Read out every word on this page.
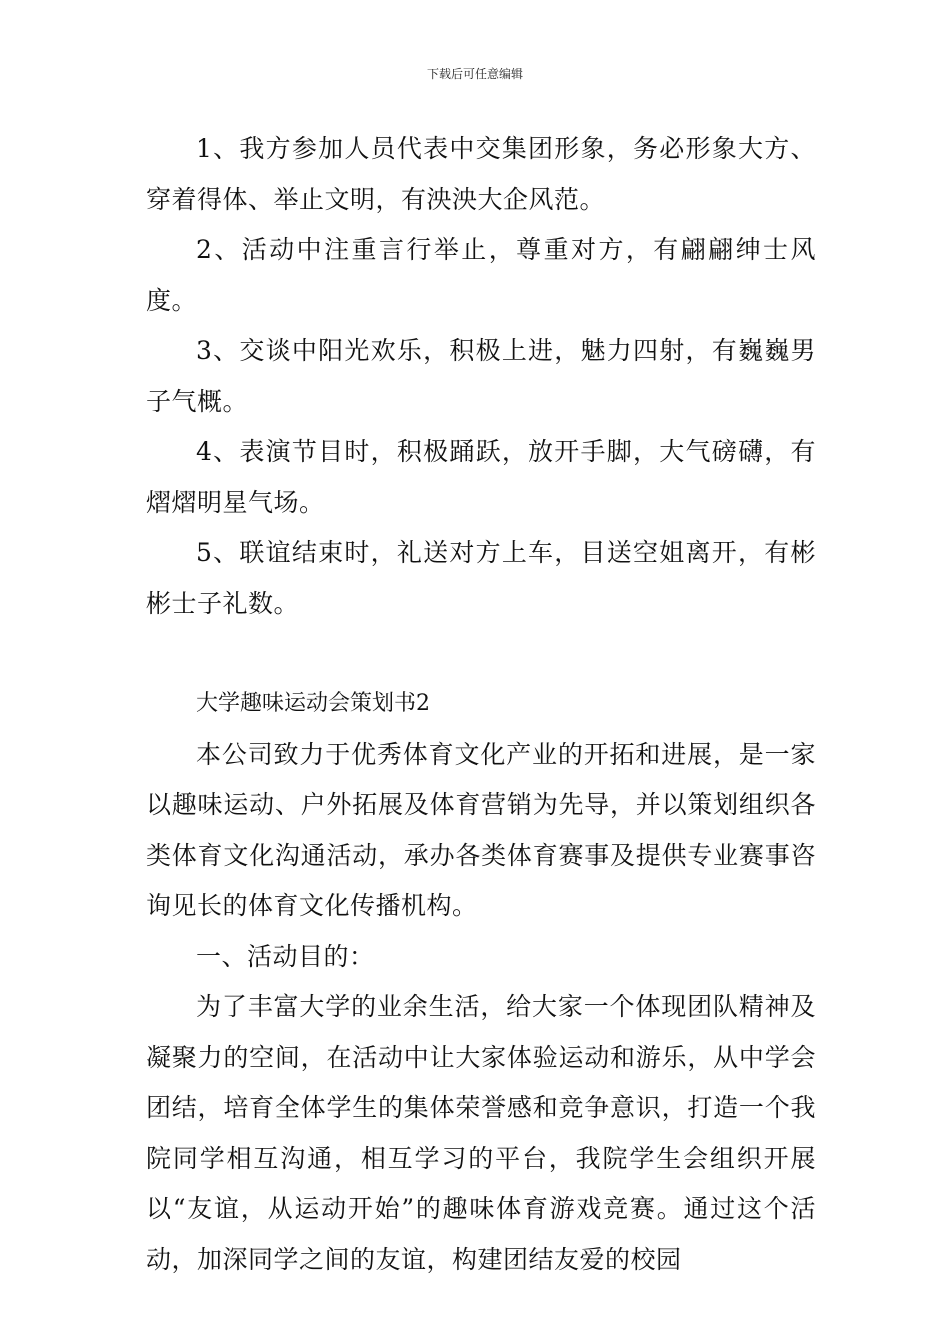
下载后可任意编辑

1、我方参加人员代表中交集团形象，务必形象大方、穿着得体、举止文明，有泱泱大企风范。

2、活动中注重言行举止，尊重对方，有翩翩绅士风度。

3、交谈中阳光欢乐，积极上进，魅力四射，有巍巍男子气概。

4、表演节目时，积极踊跃，放开手脚，大气磅礴，有熠熠明星气场。

5、联谊结束时，礼送对方上车，目送空姐离开，有彬彬士子礼数。

大学趣味运动会策划书2

本公司致力于优秀体育文化产业的开拓和进展，是一家以趣味运动、户外拓展及体育营销为先导，并以策划组织各类体育文化沟通活动，承办各类体育赛事及提供专业赛事咨询见长的体育文化传播机构。

一、活动目的：

为了丰富大学的业余生活，给大家一个体现团队精神及凝聚力的空间，在活动中让大家体验运动和游乐，从中学会团结，培育全体学生的集体荣誉感和竞争意识，打造一个我院同学相互沟通，相互学习的平台，我院学生会组织开展以“友谊，从运动开始”的趣味体育游戏竞赛。通过这个活动，加深同学之间的友谊，构建团结友爱的校园
